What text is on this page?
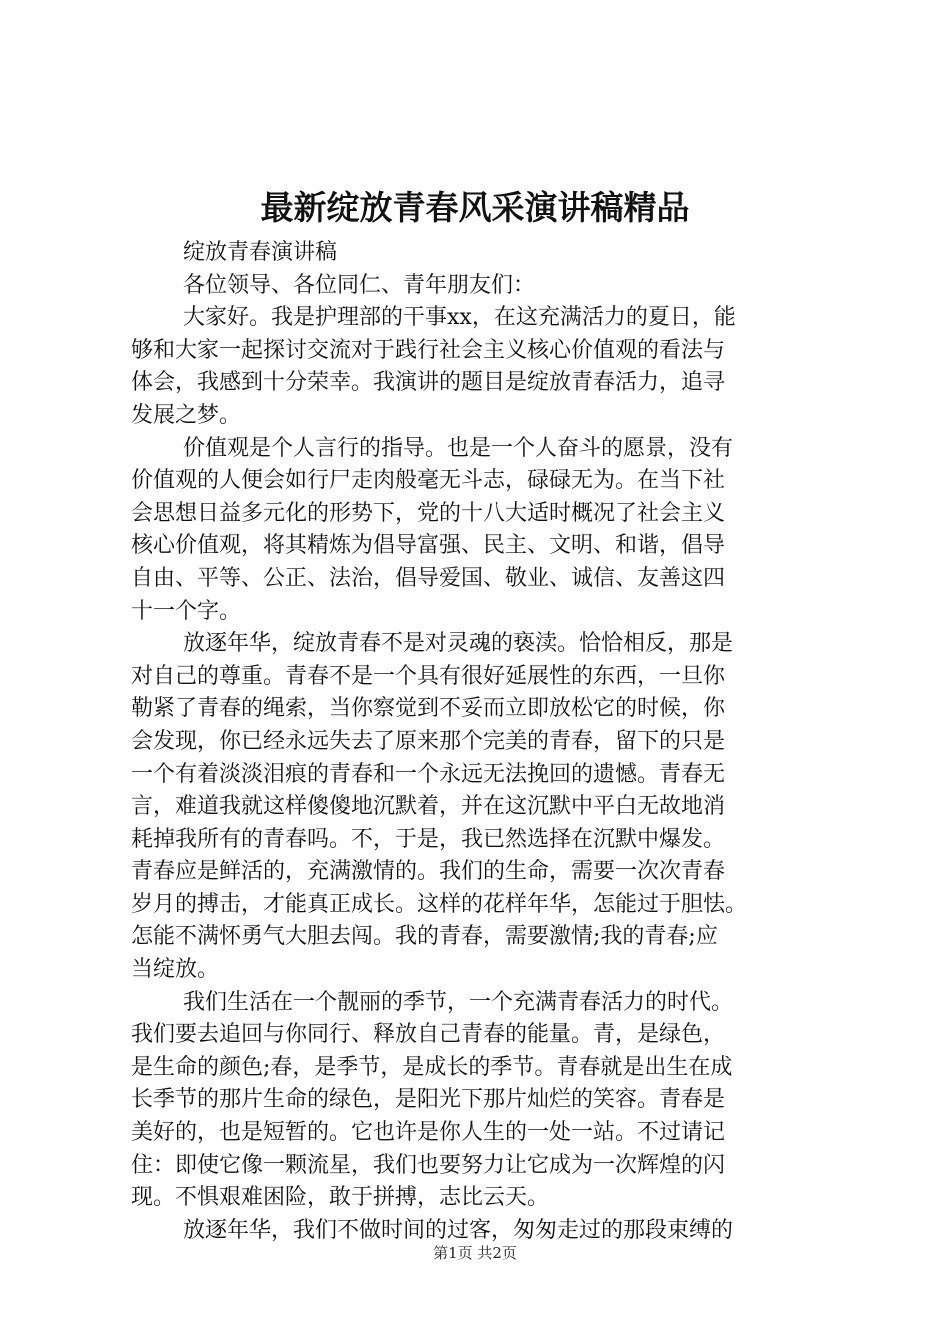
最新绽放青春风采演讲稿精品
绽放青春演讲稿
各位领导、各位同仁、青年朋友们：
大家好。我是护理部的干事xx，在这充满活力的夏日，能
够和大家一起探讨交流对于践行社会主义核心价值观的看法与
体会，我感到十分荣幸。我演讲的题目是绽放青春活力，追寻
发展之梦。
价值观是个人言行的指导。也是一个人奋斗的愿景，没有
价值观的人便会如行尸走肉般毫无斗志，碌碌无为。在当下社
会思想日益多元化的形势下，党的十八大适时概况了社会主义
核心价值观，将其精炼为倡导富强、民主、文明、和谐，倡导
自由、平等、公正、法治，倡导爱国、敬业、诚信、友善这四
十一个字。
放逐年华，绽放青春不是对灵魂的亵渎。恰恰相反，那是
对自己的尊重。青春不是一个具有很好延展性的东西，一旦你
勒紧了青春的绳索，当你察觉到不妥而立即放松它的时候，你
会发现，你已经永远失去了原来那个完美的青春，留下的只是
一个有着淡淡泪痕的青春和一个永远无法挽回的遗憾。青春无
言，难道我就这样傻傻地沉默着，并在这沉默中平白无故地消
耗掉我所有的青春吗。不，于是，我已然选择在沉默中爆发。
青春应是鲜活的，充满激情的。我们的生命，需要一次次青春
岁月的搏击，才能真正成长。这样的花样年华，怎能过于胆怯。
怎能不满怀勇气大胆去闯。我的青春，需要激情;我的青春;应
当绽放。
我们生活在一个靓丽的季节，一个充满青春活力的时代。
我们要去追回与你同行、释放自己青春的能量。青，是绿色，
是生命的颜色;春，是季节，是成长的季节。青春就是出生在成
长季节的那片生命的绿色，是阳光下那片灿烂的笑容。青春是
美好的，也是短暂的。它也许是你人生的一处一站。不过请记
住：即使它像一颗流星，我们也要努力让它成为一次辉煌的闪
现。不惧艰难困险，敢于拼搏，志比云天。
放逐年华，我们不做时间的过客，匆匆走过的那段束缚的
第1页 共2页
